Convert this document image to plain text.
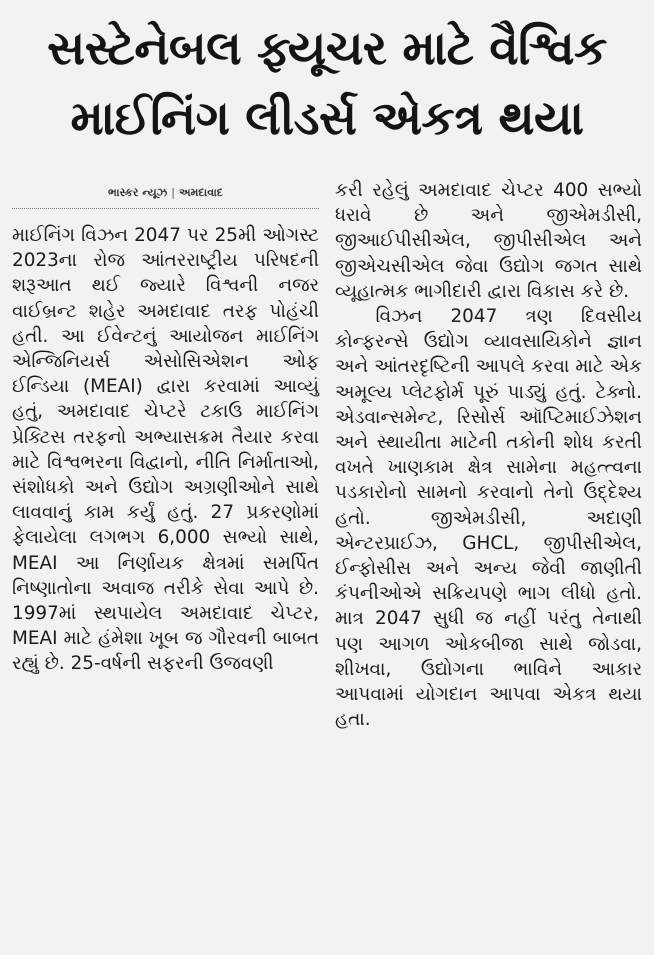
સસ્ટેનેબલ ફ્યૂચર માટે વૈશ્વિક
માઈનિંગ લીડર્સ એકત્ર થયા
ભાસ્કર ન્યૂઝ | અમદાવાદ

માઈનિંગ વિઝન 2047 પર 25મી ઓગસ્ટ 2023ના રોજ આંતરરાષ્ટ્રીય પરિષદની શરૂઆત થઈ જ્યારે વિશ્વની નજર વાઈબ્રન્ટ શહેર અમદાવાદ તરફ પોહંચી હતી. આ ઈવેન્ટનું આયોજન માઈનિંગ એન્જિનિયર્સ એસોસિએશન ઓફ ઈન્ડિયા (MEAI) દ્વારા કરવામાં આવ્યું હતું, અમદાવાદ ચેપ્ટરે ટકાઉ માઈનિંગ પ્રેક્ટિસ તરફનો અભ્યાસક્રમ તૈયાર કરવા માટે વિશ્વભરના વિદ્વાનો, નીતિ નિર્માતાઓ, સંશોધકો અને ઉદ્યોગ અગ્રણીઓને સાથે લાવવાનું કામ કર્યું હતું. 27 પ્રકરણોમાં ફેલાયેલા લગભગ 6,000 સભ્યો સાથે, MEAI આ નિર્ણાયક ક્ષેત્રમાં સમર્પિત નિષ્ણાતોના અવાજ તરીકે સેવા આપે છે. 1997માં સ્થપાયેલ અમદાવાદ ચેપ્ટર, MEAI માટે હંમેશા ખૂબ જ ગૌરવની બાબત રહ્યું છે. 25-વર્ષની સફરની ઉજવણી

કરી રહેલું અમદાવાદ ચેપ્ટર 400 સભ્યો ધરાવે છે અને જીએમડીસી, જીઆઈપીસીએલ, જીપીસીએલ અને જીએચસીએલ જેવા ઉદ્યોગ જગત સાથે વ્યૂહાત્મક ભાગીદારી દ્વારા વિકાસ કરે છે.

વિઝન 2047 ત્રણ દિવસીય કોન્ફરન્સે ઉદ્યોગ વ્યાવસાયિકોને જ્ઞાન અને આંતરદૃષ્ટિની આપલે કરવા માટે એક અમૂલ્ય પ્લેટફોર્મ પૂરું પાડ્યું હતું. ટેક્નો. એડવાન્સમેન્ટ, રિસોર્સ ઑપ્ટિમાઈઝેશન અને સ્થાયીતા માટેની તકોની શોધ કરતી વખતે ખાણકામ ક્ષેત્ર સામેના મહત્ત્વના પડકારોનો સામનો કરવાનો તેનો ઉદ્દેશ્ય હતો. જીએમડીસી, અદાણી એન્ટરપ્રાઈઝ, GHCL, જીપીસીએલ, ઈન્ફોસીસ અને અન્ય જેવી જાણીતી કંપનીઓએ સક્રિયપણે ભાગ લીધો હતો. માત્ર 2047 સુધી જ નહીં પરંતુ તેનાથી પણ આગળ ઓકબીજા સાથે જોડવા, શીખવા, ઉદ્યોગના ભાવિને આકાર આપવામાં યોગદાન આપવા એકત્ર થયા હતા.
